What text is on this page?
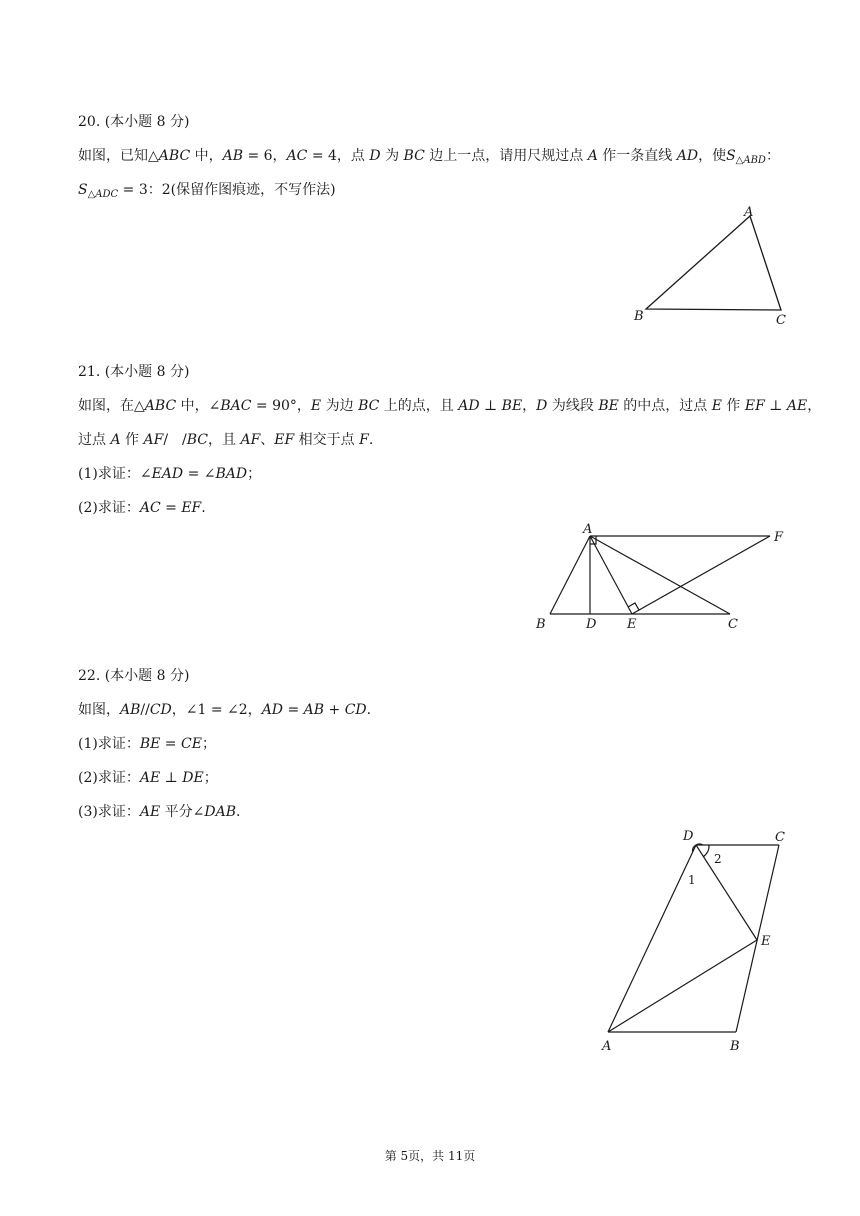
20. (本小题 8 分)
如图，已知△ABC 中，AB = 6，AC = 4，点 D 为 BC 边上一点，请用尺规过点 A 作一条直线 AD，使$S_{\triangle ABD}$：
$S_{\triangle ADC} = 3$：2(保留作图痕迹，不写作法)
A
B	C
21. (本小题 8 分)
如图，在△ABC 中，∠BAC = 90°，E 为边 BC 上的点，且 AD ⊥ BE，D 为线段 BE 的中点，过点 E 作 EF ⊥ AE，
过点 A 作 AF/　/BC，且 AF、EF 相交于点 F.
(1)求证：∠EAD = ∠BAD；
(2)求证：AC = EF.
A
B	D E	C
F
22. (本小题 8 分)
如图，AB//CD，∠1 = ∠2，AD = AB + CD.
(1)求证：BE = CE；
(2)求证：AE ⊥ DE；
(3)求证：AE 平分∠DAB.
D	C
E
A	B
1
2
第 5页，共 11页
